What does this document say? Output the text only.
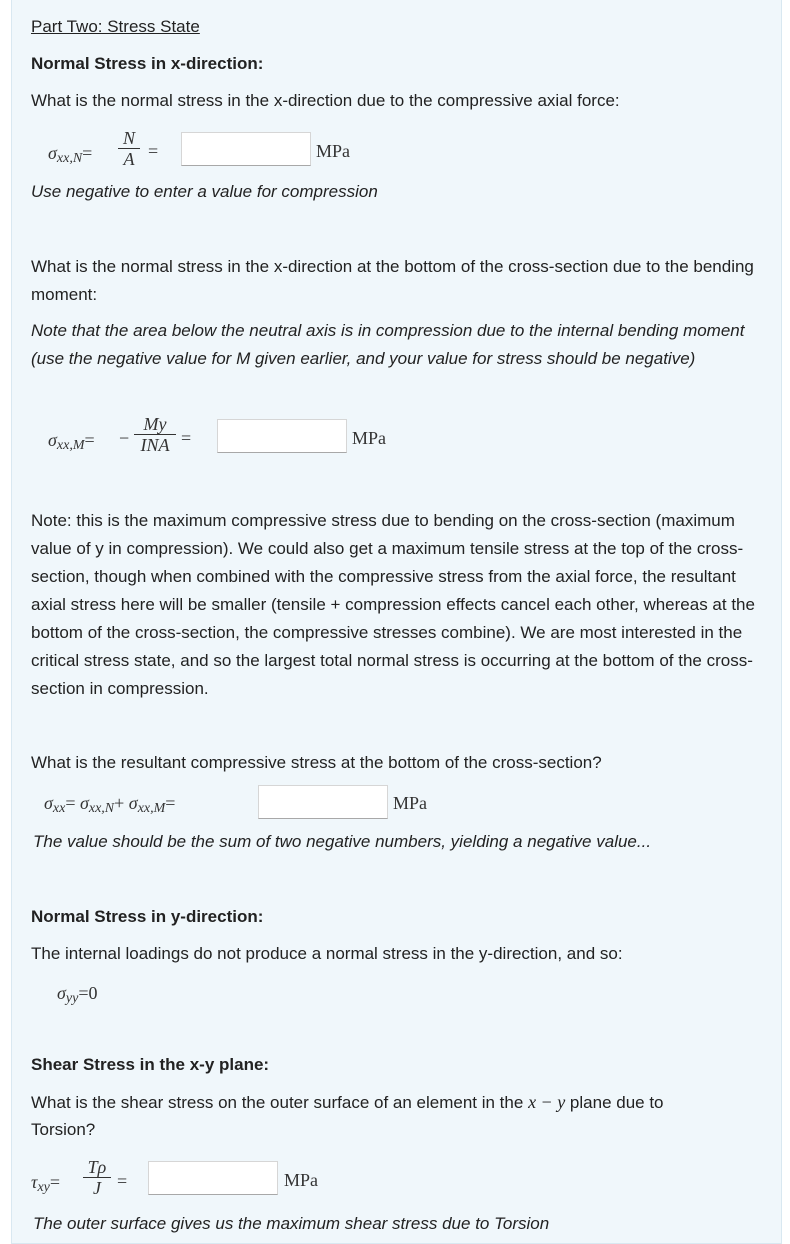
Part Two: Stress State
Normal Stress in x-direction:
What is the normal stress in the x-direction due to the compressive axial force:
$\sigma_{xx,N}= \frac{N}{A}$ =	MPa
Use negative to enter a value for compression
What is the normal stress in the x-direction at the bottom of the cross-section due to the bending moment:
Note that the area below the neutral axis is in compression due to the internal bending moment (use the negative value for M given earlier, and your value for stress should be negative)
$\sigma_{xx,M}=$ −
My
INA =	MPa
Note: this is the maximum compressive stress due to bending on the cross-section (maximum value of y in compression). We could also get a maximum tensile stress at the top of the cross-section, though when combined with the compressive stress from the axial force, the resultant axial stress here will be smaller (tensile + compression effects cancel each other, whereas at the bottom of the cross-section, the compressive stresses combine). We are most interested in the critical stress state, and so the largest total normal stress is occurring at the bottom of the cross-section in compression.
What is the resultant compressive stress at the bottom of the cross-section?
$\sigma_{xx}= \sigma_{xx,N}+ \sigma_{xx,M}=$	MPa
The value should be the sum of two negative numbers, yielding a negative value...
Normal Stress in y-direction:
The internal loadings do not produce a normal stress in the y-direction, and so:
$\sigma_{yy}=0$
Shear Stress in the x-y plane:
What is the shear stress on the outer surface of an element in the x − y plane due to
Torsion?
$\tau_{xy}= \frac{T\rho}{J}$ =	MPa
The outer surface gives us the maximum shear stress due to Torsion
